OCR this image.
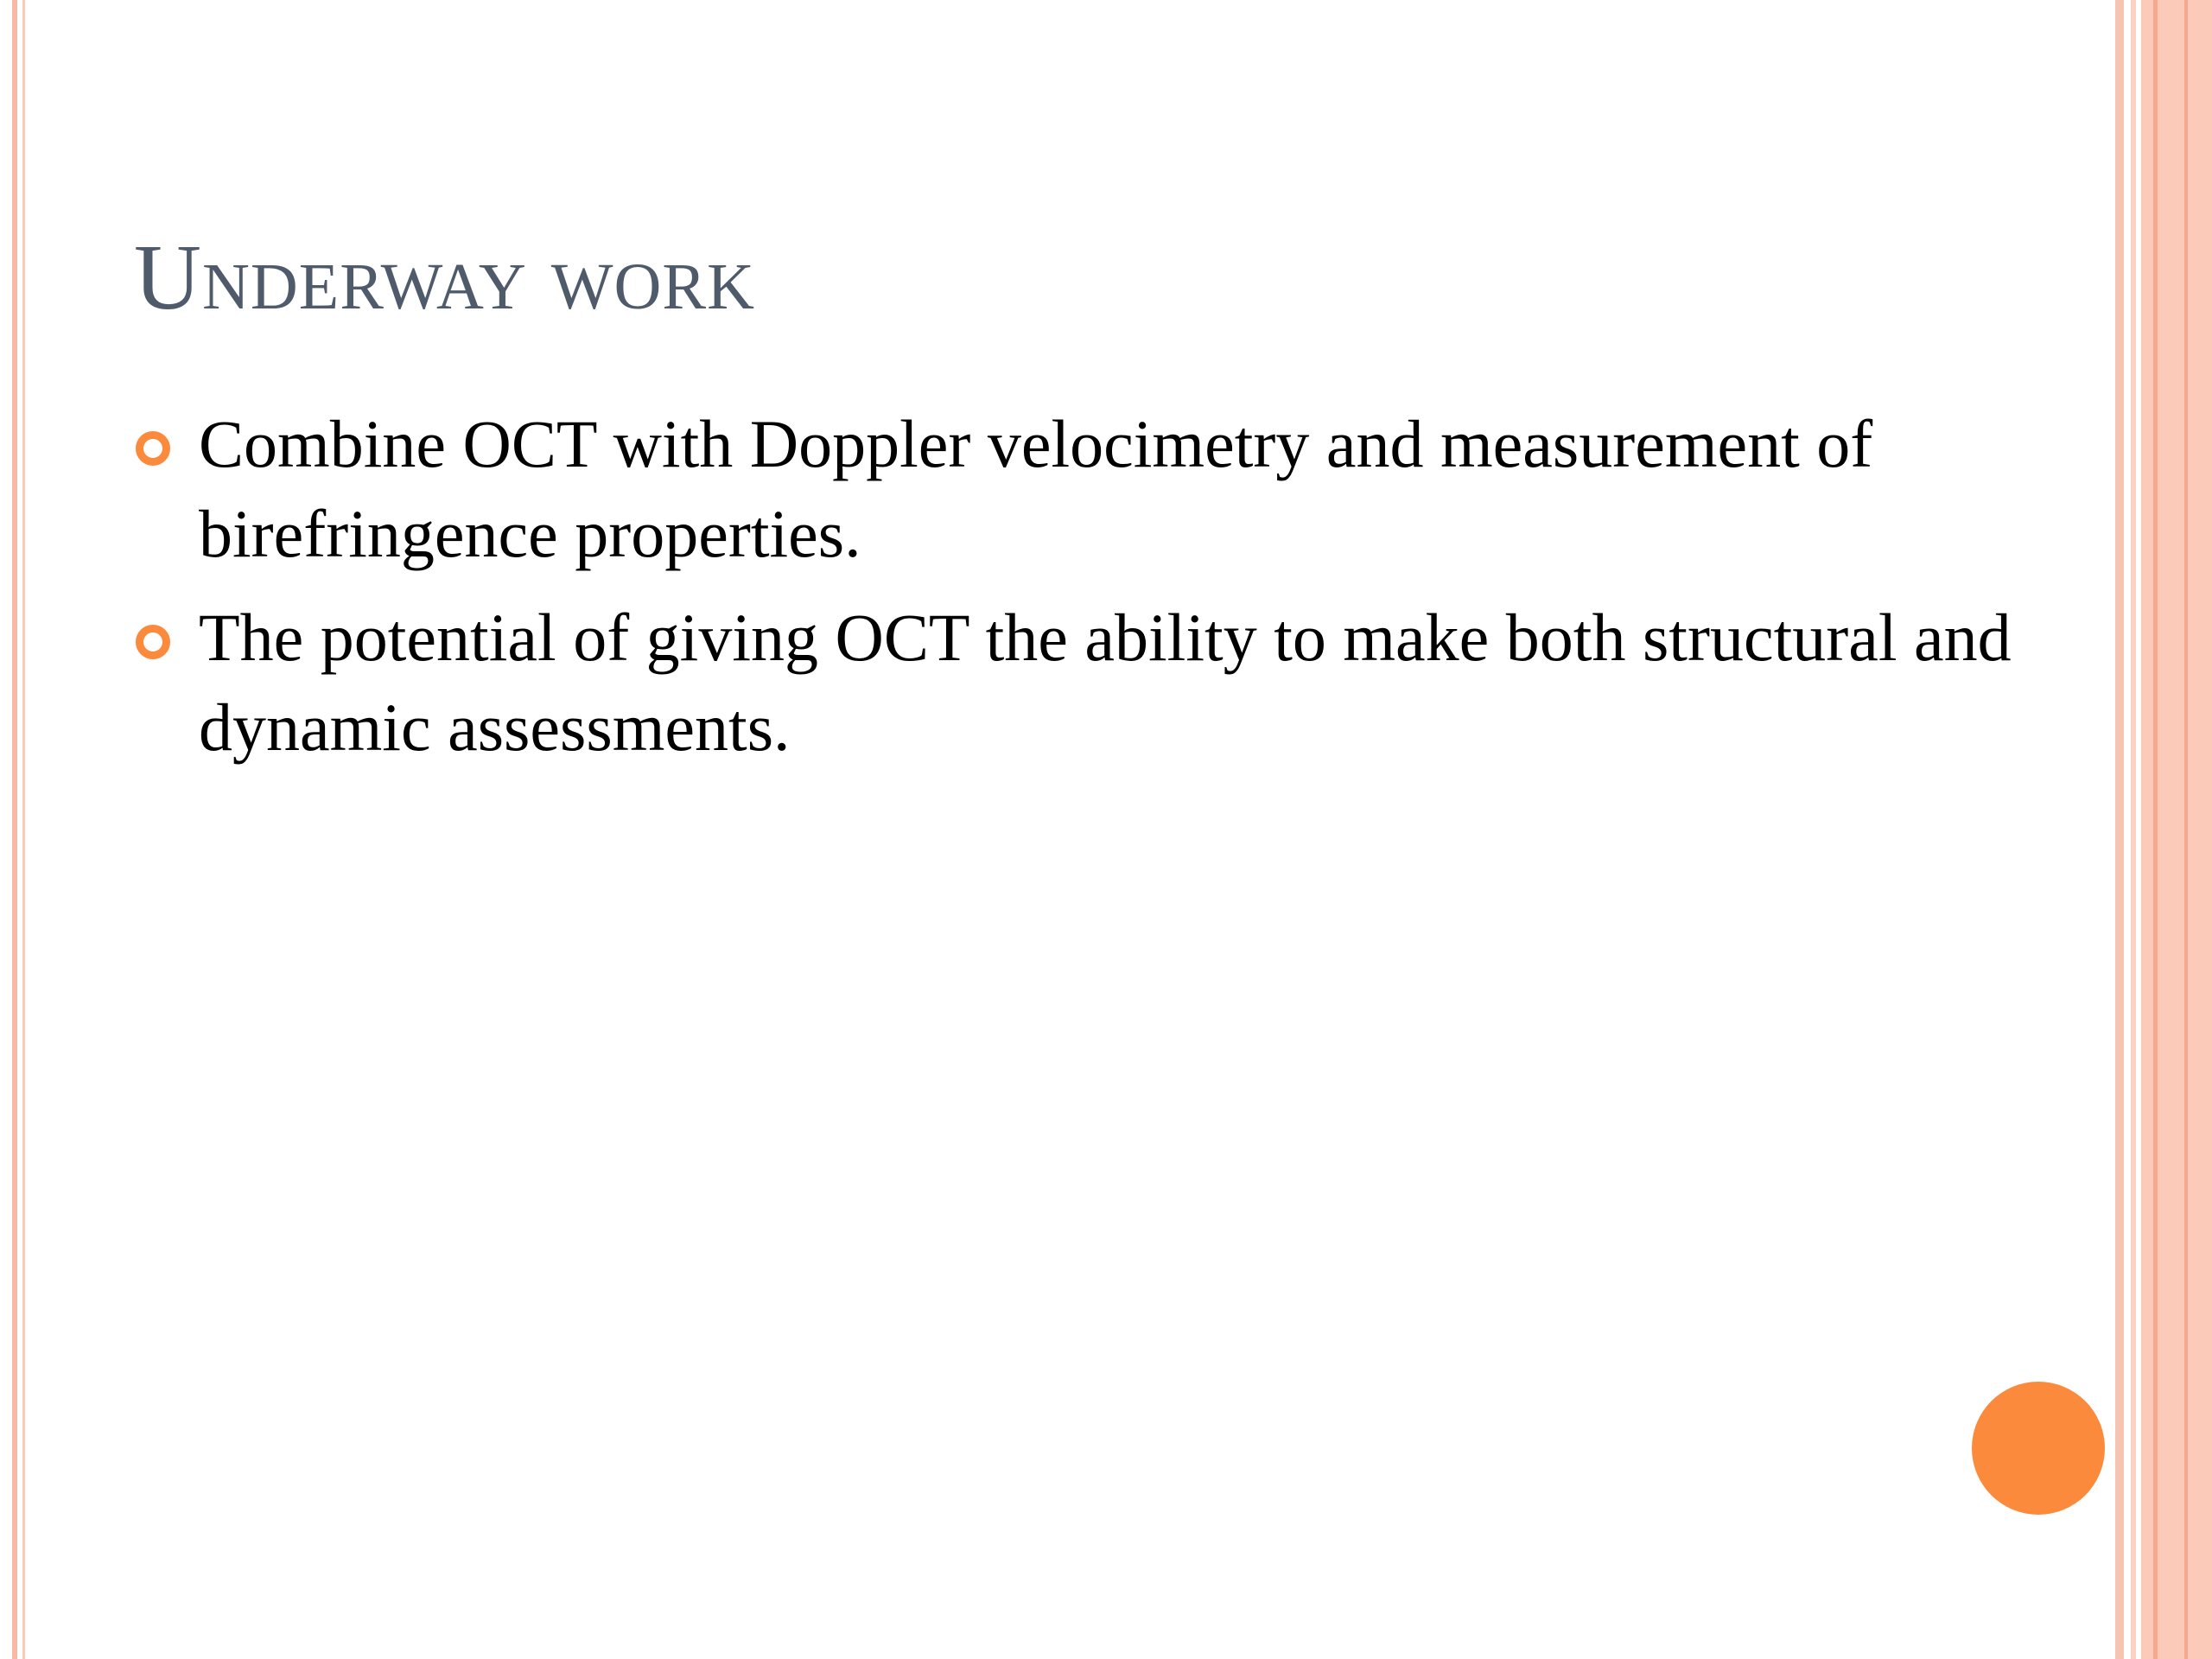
Underway work
Combine OCT with Doppler velocimetry and measurement of birefringence properties.
The potential of giving OCT the ability to make both structural and dynamic assessments.
